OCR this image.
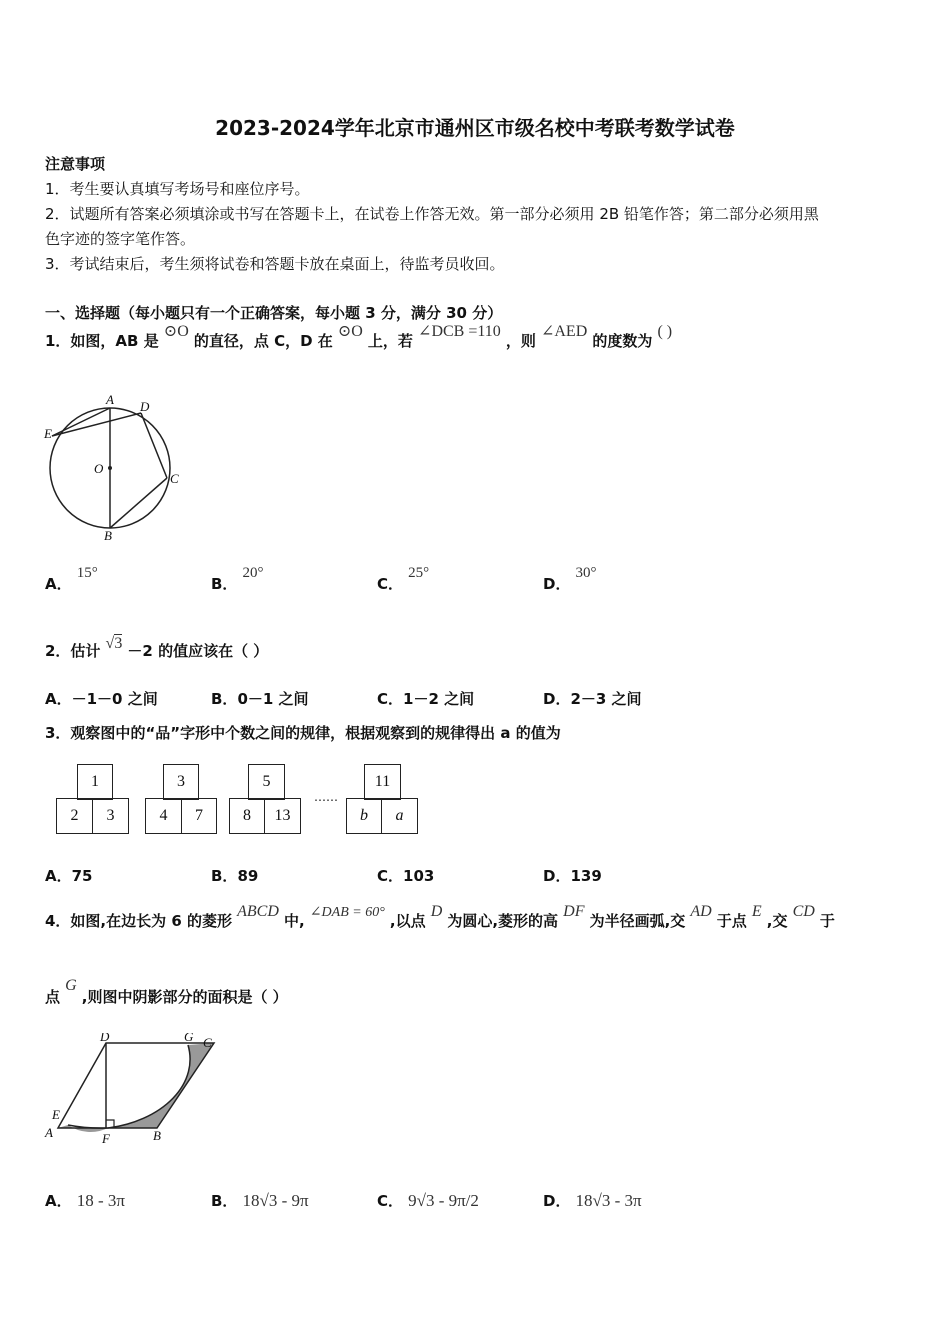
2023-2024学年北京市通州区市级名校中考联考数学试卷
注意事项
1．考生要认真填写考场号和座位序号。
2．试题所有答案必须填涂或书写在答题卡上，在试卷上作答无效。第一部分必须用 2B 铅笔作答；第二部分必须用黑
色字迹的签字笔作答。
3．考试结束后，考生须将试卷和答题卡放在桌面上，待监考员收回。
一、选择题（每小题只有一个正确答案，每小题 3 分，满分 30 分）
1．如图，AB 是 ⊙O 的直径，点 C，D 在 ⊙O 上，若 ∠DCB =110 ，则 ∠AED 的度数为 ( )
A D
E
O
C
B
A． 15°
B． 20°
C． 25°
D． 30°
2．估计 √3 －2 的值应该在（ ）
A．－1－0 之间	B．0－1 之间	C．1－2 之间	D．2－3 之间
3．观察图中的“品”字形中个数之间的规律，根据观察到的规律得出 a 的值为
1
2	3
3
4	7
5
8	13
……
11
b	a
A．75	B．89	C．103	D．139
4．如图,在边长为 6 的菱形 ABCD 中, ∠DAB = 60° ,以点 D 为圆心,菱形的高 DF 为半径画弧,交 AD 于点 E ,交 CD 于
点 G ,则图中阴影部分的面积是（ ）
D	G C
E
A	F	B
A． 18 - 3π	B． 18√3 - 9π	C． 9√3 - 9π/2	D． 18√3 - 3π
